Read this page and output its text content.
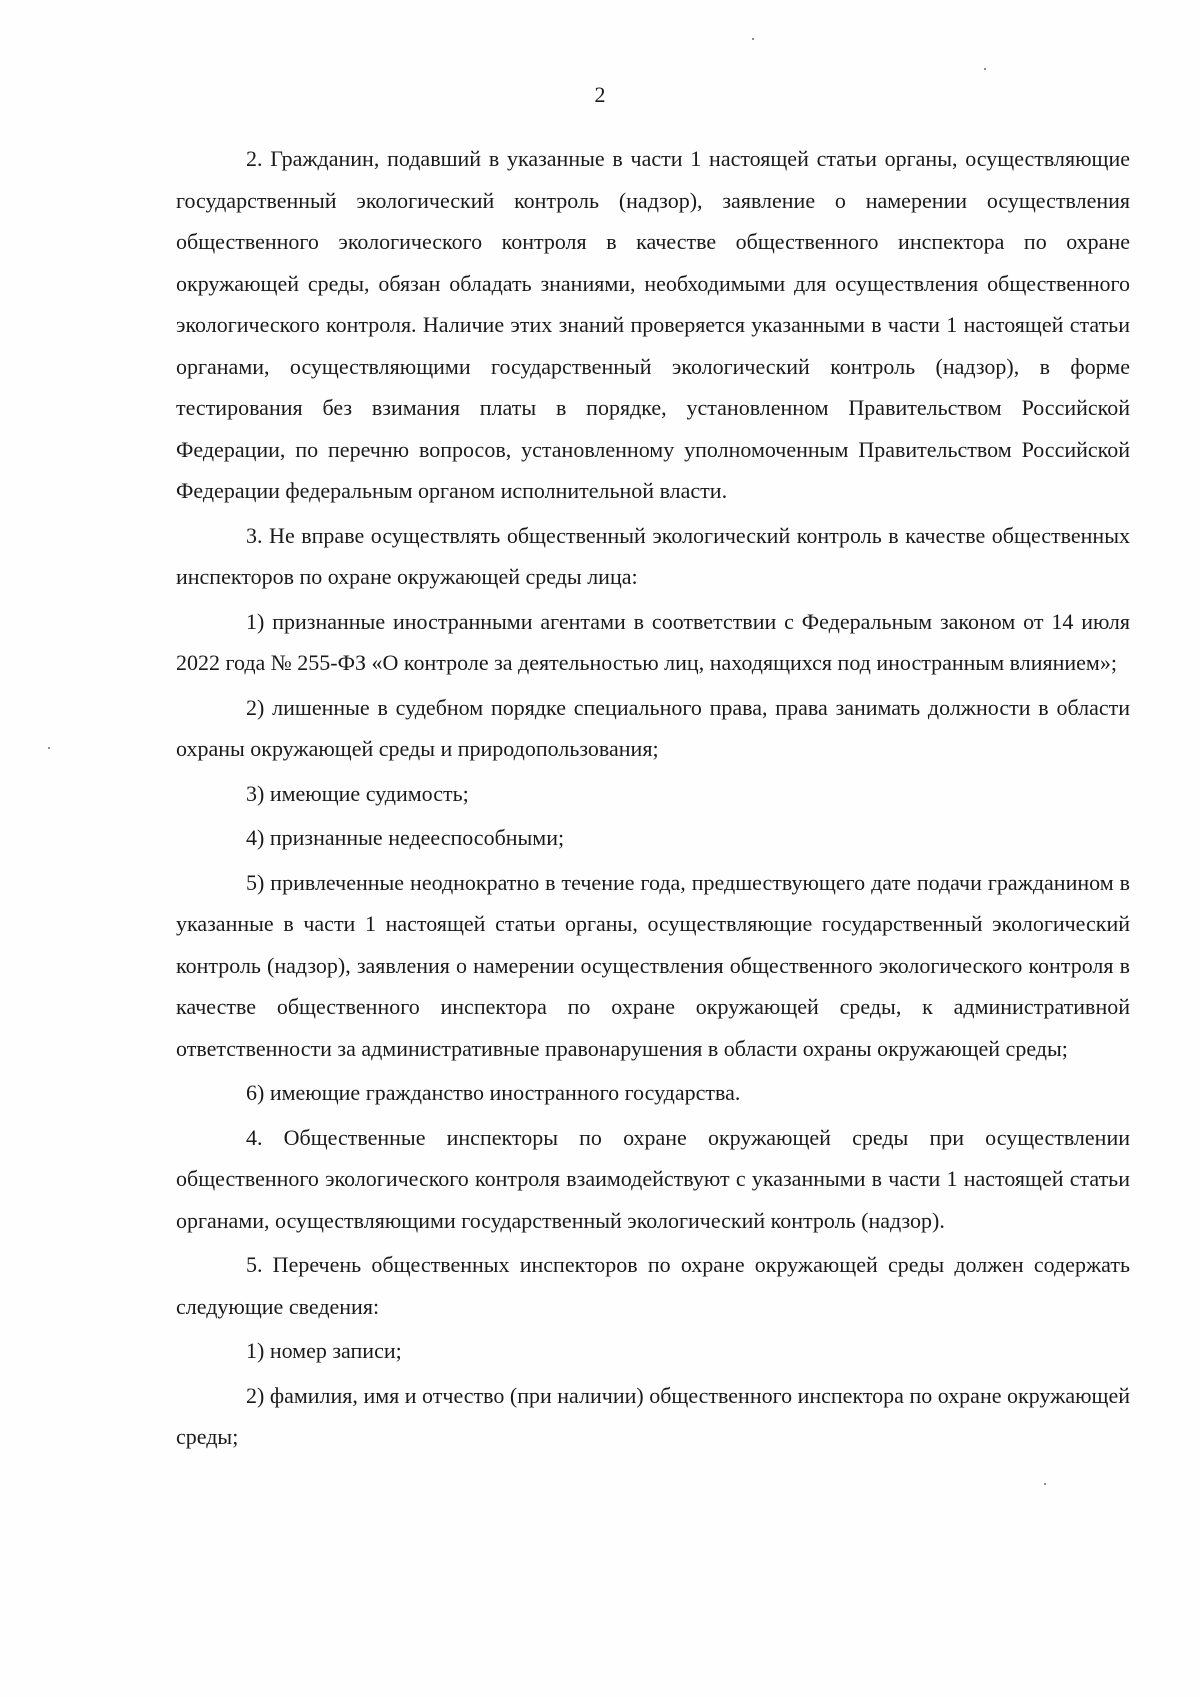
2

2. Гражданин, подавший в указанные в части 1 настоящей статьи органы, осуществляющие государственный экологический контроль (надзор), заявление о намерении осуществления общественного экологического контроля в качестве общественного инспектора по охране окружающей среды, обязан обладать знаниями, необходимыми для осуществления общественного экологического контроля. Наличие этих знаний проверяется указанными в части 1 настоящей статьи органами, осуществляющими государственный экологический контроль (надзор), в форме тестирования без взимания платы в порядке, установленном Правительством Российской Федерации, по перечню вопросов, установленному уполномоченным Правительством Российской Федерации федеральным органом исполнительной власти.

3. Не вправе осуществлять общественный экологический контроль в качестве общественных инспекторов по охране окружающей среды лица:

1) признанные иностранными агентами в соответствии с Федеральным законом от 14 июля 2022 года № 255-ФЗ «О контроле за деятельностью лиц, находящихся под иностранным влиянием»;

2) лишенные в судебном порядке специального права, права занимать должности в области охраны окружающей среды и природопользования;

3) имеющие судимость;

4) признанные недееспособными;

5) привлеченные неоднократно в течение года, предшествующего дате подачи гражданином в указанные в части 1 настоящей статьи органы, осуществляющие государственный экологический контроль (надзор), заявления о намерении осуществления общественного экологического контроля в качестве общественного инспектора по охране окружающей среды, к административной ответственности за административные правонарушения в области охраны окружающей среды;

6) имеющие гражданство иностранного государства.

4. Общественные инспекторы по охране окружающей среды при осуществлении общественного экологического контроля взаимодействуют с указанными в части 1 настоящей статьи органами, осуществляющими государственный экологический контроль (надзор).

5. Перечень общественных инспекторов по охране окружающей среды должен содержать следующие сведения:

1) номер записи;

2) фамилия, имя и отчество (при наличии) общественного инспектора по охране окружающей среды;
